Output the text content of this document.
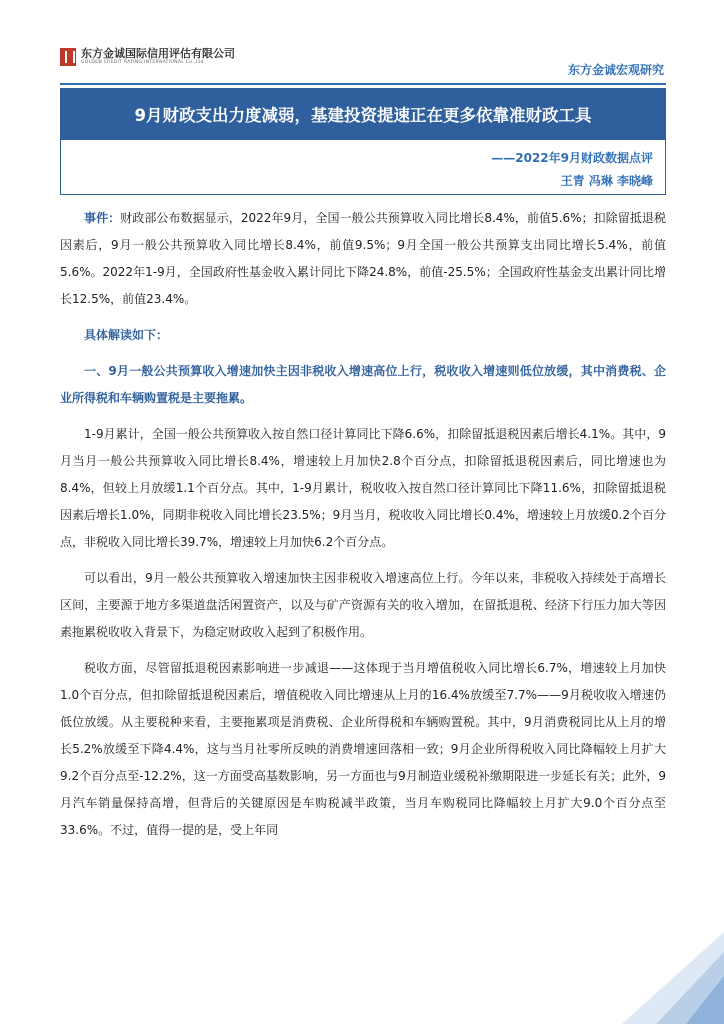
东方金诚国际信用评估有限公司
GOLDEN CREDIT RATING INTERNATIONAL Co.,Ltd.
东方金诚宏观研究
9月财政支出力度减弱，基建投资提速正在更多依靠准财政工具
——2022年9月财政数据点评
王青 冯琳 李晓峰

事件：财政部公布数据显示，2022年9月，全国一般公共预算收入同比增长8.4%，前值5.6%；扣除留抵退税因素后，9月一般公共预算收入同比增长8.4%，前值9.5%；9月全国一般公共预算支出同比增长5.4%，前值5.6%。2022年1-9月，全国政府性基金收入累计同比下降24.8%，前值-25.5%；全国政府性基金支出累计同比增长12.5%，前值23.4%。

具体解读如下：

一、9月一般公共预算收入增速加快主因非税收入增速高位上行，税收收入增速则低位放缓，其中消费税、企业所得税和车辆购置税是主要拖累。

1-9月累计，全国一般公共预算收入按自然口径计算同比下降6.6%，扣除留抵退税因素后增长4.1%。其中，9月当月一般公共预算收入同比增长8.4%，增速较上月加快2.8个百分点，扣除留抵退税因素后，同比增速也为8.4%，但较上月放缓1.1个百分点。其中，1-9月累计，税收收入按自然口径计算同比下降11.6%，扣除留抵退税因素后增长1.0%，同期非税收入同比增长23.5%；9月当月，税收收入同比增长0.4%，增速较上月放缓0.2个百分点，非税收入同比增长39.7%，增速较上月加快6.2个百分点。

可以看出，9月一般公共预算收入增速加快主因非税收入增速高位上行。今年以来，非税收入持续处于高增长区间，主要源于地方多渠道盘活闲置资产，以及与矿产资源有关的收入增加，在留抵退税、经济下行压力加大等因素拖累税收收入背景下，为稳定财政收入起到了积极作用。

税收方面，尽管留抵退税因素影响进一步减退——这体现于当月增值税收入同比增长6.7%，增速较上月加快1.0个百分点，但扣除留抵退税因素后，增值税收入同比增速从上月的16.4%放缓至7.7%——9月税收收入增速仍低位放缓。从主要税种来看，主要拖累项是消费税、企业所得税和车辆购置税。其中，9月消费税同比从上月的增长5.2%放缓至下降4.4%，这与当月社零所反映的消费增速回落相一致；9月企业所得税收入同比降幅较上月扩大9.2个百分点至-12.2%，这一方面受高基数影响，另一方面也与9月制造业缓税补缴期限进一步延长有关；此外，9月汽车销量保持高增，但背后的关键原因是车购税减半政策，当月车购税同比降幅较上月扩大9.0个百分点至33.6%。不过，值得一提的是，受上年同

1
